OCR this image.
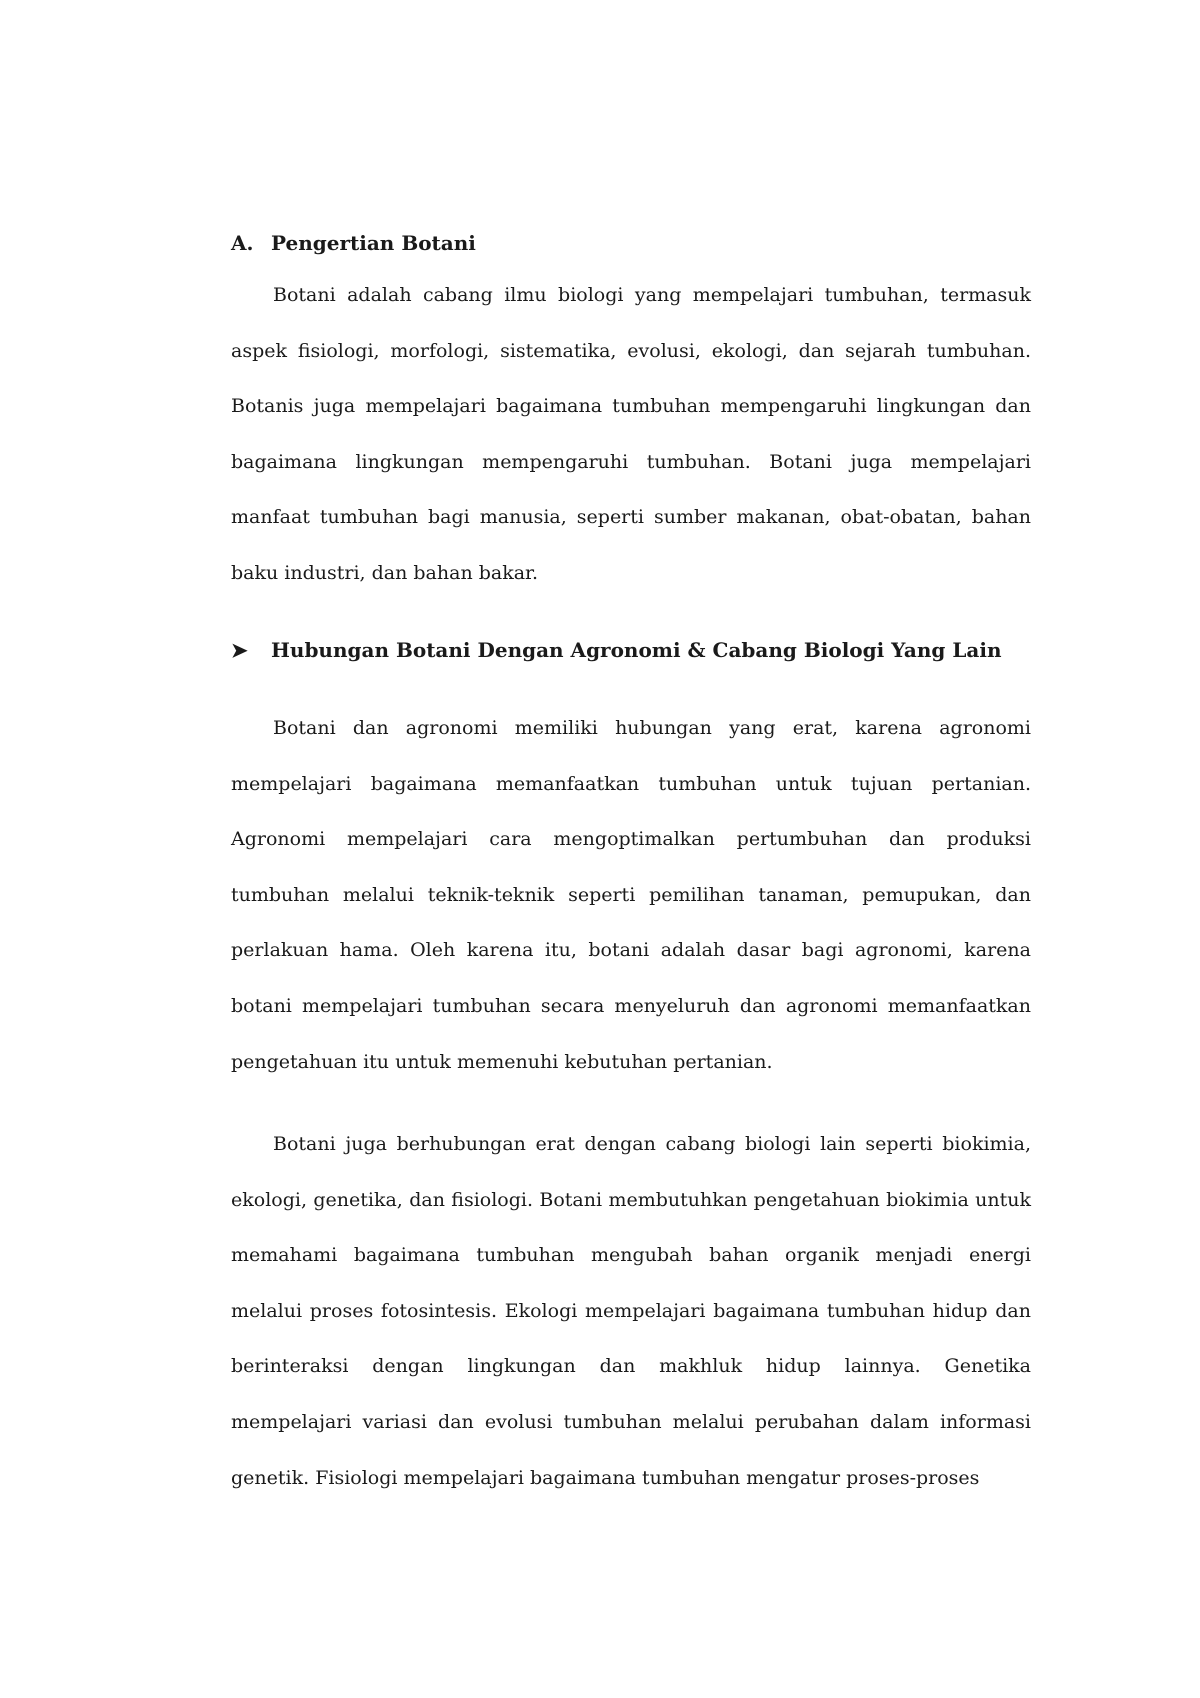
A. Pengertian Botani

Botani adalah cabang ilmu biologi yang mempelajari tumbuhan, termasuk aspek fisiologi, morfologi, sistematika, evolusi, ekologi, dan sejarah tumbuhan. Botanis juga mempelajari bagaimana tumbuhan mempengaruhi lingkungan dan bagaimana lingkungan mempengaruhi tumbuhan. Botani juga mempelajari manfaat tumbuhan bagi manusia, seperti sumber makanan, obat-obatan, bahan baku industri, dan bahan bakar.

➤ Hubungan Botani Dengan Agronomi & Cabang Biologi Yang Lain

Botani dan agronomi memiliki hubungan yang erat, karena agronomi mempelajari bagaimana memanfaatkan tumbuhan untuk tujuan pertanian. Agronomi mempelajari cara mengoptimalkan pertumbuhan dan produksi tumbuhan melalui teknik-teknik seperti pemilihan tanaman, pemupukan, dan perlakuan hama. Oleh karena itu, botani adalah dasar bagi agronomi, karena botani mempelajari tumbuhan secara menyeluruh dan agronomi memanfaatkan pengetahuan itu untuk memenuhi kebutuhan pertanian.

Botani juga berhubungan erat dengan cabang biologi lain seperti biokimia, ekologi, genetika, dan fisiologi. Botani membutuhkan pengetahuan biokimia untuk memahami bagaimana tumbuhan mengubah bahan organik menjadi energi melalui proses fotosintesis. Ekologi mempelajari bagaimana tumbuhan hidup dan berinteraksi dengan lingkungan dan makhluk hidup lainnya. Genetika mempelajari variasi dan evolusi tumbuhan melalui perubahan dalam informasi genetik. Fisiologi mempelajari bagaimana tumbuhan mengatur proses-proses
